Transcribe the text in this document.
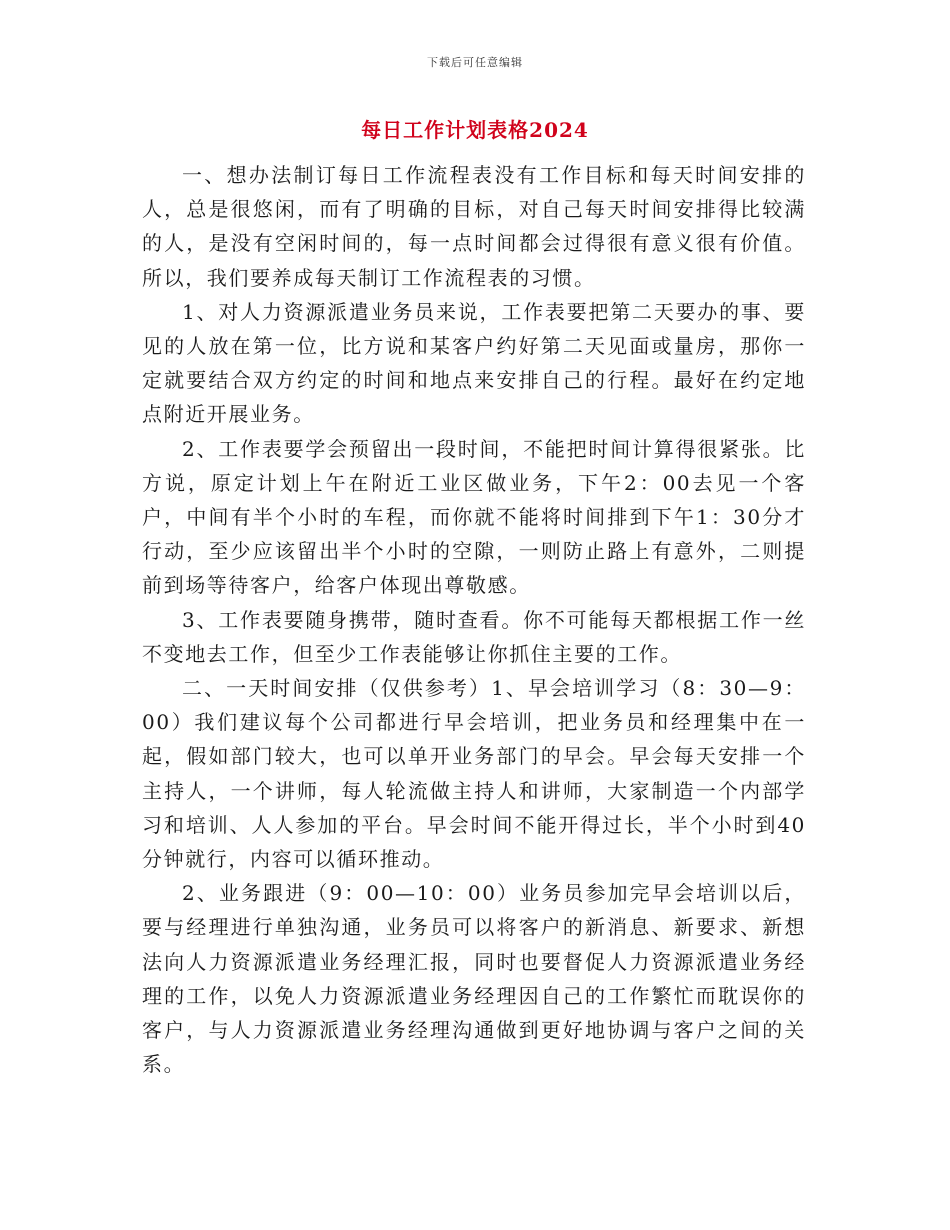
下载后可任意编辑
每日工作计划表格2024

一、想办法制订每日工作流程表没有工作目标和每天时间安排的人，总是很悠闲，而有了明确的目标，对自己每天时间安排得比较满的人，是没有空闲时间的，每一点时间都会过得很有意义很有价值。所以，我们要养成每天制订工作流程表的习惯。

1、对人力资源派遣业务员来说，工作表要把第二天要办的事、要见的人放在第一位，比方说和某客户约好第二天见面或量房，那你一定就要结合双方约定的时间和地点来安排自己的行程。最好在约定地点附近开展业务。

2、工作表要学会预留出一段时间，不能把时间计算得很紧张。比方说，原定计划上午在附近工业区做业务，下午2：00去见一个客户，中间有半个小时的车程，而你就不能将时间排到下午1：30分才行动，至少应该留出半个小时的空隙，一则防止路上有意外，二则提前到场等待客户，给客户体现出尊敬感。

3、工作表要随身携带，随时查看。你不可能每天都根据工作一丝不变地去工作，但至少工作表能够让你抓住主要的工作。

二、一天时间安排（仅供参考）1、早会培训学习（8：30—9：00）我们建议每个公司都进行早会培训，把业务员和经理集中在一起，假如部门较大，也可以单开业务部门的早会。早会每天安排一个主持人，一个讲师，每人轮流做主持人和讲师，大家制造一个内部学习和培训、人人参加的平台。早会时间不能开得过长，半个小时到40分钟就行，内容可以循环推动。

2、业务跟进（9：00—10：00）业务员参加完早会培训以后，要与经理进行单独沟通，业务员可以将客户的新消息、新要求、新想法向人力资源派遣业务经理汇报，同时也要督促人力资源派遣业务经理的工作，以免人力资源派遣业务经理因自己的工作繁忙而耽误你的客户，与人力资源派遣业务经理沟通做到更好地协调与客户之间的关系。
